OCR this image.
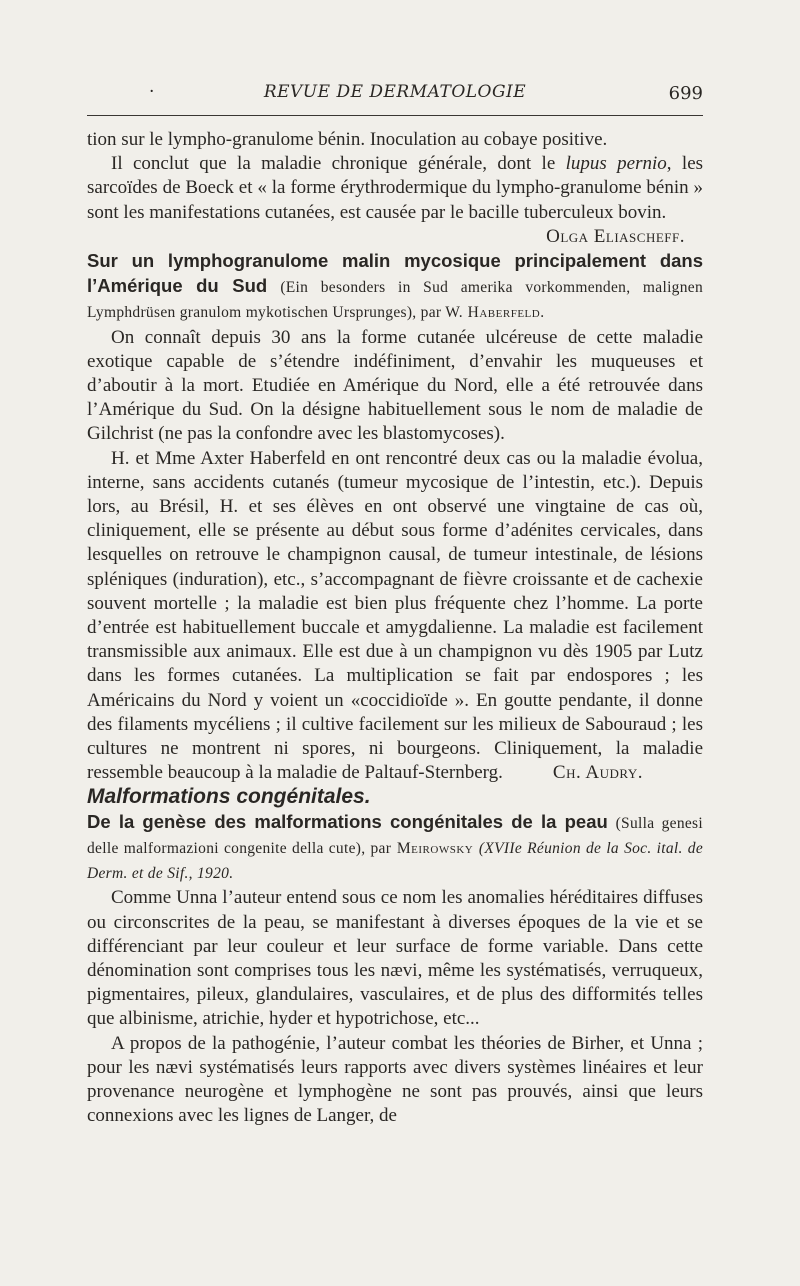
·	REVUE DE DERMATOLOGIE	699

tion sur le lympho-granulome bénin. Inoculation au cobaye positive.

Il conclut que la maladie chronique générale, dont le lupus pernio, les sarcoïdes de Boeck et « la forme érythrodermique du lympho-granulome bénin » sont les manifestations cutanées, est causée par le bacille tuberculeux bovin.

Olga Eliascheff.

Sur un lymphogranulome malin mycosique principalement dans l’Amérique du Sud (Ein besonders in Sud amerika vorkommenden, malignen Lymphdrüsen granulom mykotischen Ursprunges), par W. Haberfeld.

On connaît depuis 30 ans la forme cutanée ulcéreuse de cette maladie exotique capable de s’étendre indéfiniment, d’envahir les muqueuses et d’aboutir à la mort. Etudiée en Amérique du Nord, elle a été retrouvée dans l’Amérique du Sud. On la désigne habituellement sous le nom de maladie de Gilchrist (ne pas la confondre avec les blastomycoses).

H. et Mme Axter Haberfeld en ont rencontré deux cas ou la maladie évolua, interne, sans accidents cutanés (tumeur mycosique de l’intestin, etc.). Depuis lors, au Brésil, H. et ses élèves en ont observé une vingtaine de cas où, cliniquement, elle se présente au début sous forme d’adénites cervicales, dans lesquelles on retrouve le champignon causal, de tumeur intestinale, de lésions spléniques (induration), etc., s’accompagnant de fièvre croissante et de cachexie souvent mortelle ; la maladie est bien plus fréquente chez l’homme. La porte d’entrée est habituellement buccale et amygdalienne. La maladie est facilement transmissible aux animaux. Elle est due à un champignon vu dès 1905 par Lutz dans les formes cutanées. La multiplication se fait par endospores ; les Américains du Nord y voient un «coccidioïde ». En goutte pendante, il donne des filaments mycéliens ; il cultive facilement sur les milieux de Sabouraud ; les cultures ne montrent ni spores, ni bourgeons. Cliniquement, la maladie ressemble beaucoup à la maladie de Paltauf-Sternberg.	Ch. Audry.

Malformations congénitales.

De la genèse des malformations congénitales de la peau (Sulla genesi delle malformazioni congenite della cute), par Meirowsky (XVIIe Réunion de la Soc. ital. de Derm. et de Sif., 1920.

Comme Unna l’auteur entend sous ce nom les anomalies héréditaires diffuses ou circonscrites de la peau, se manifestant à diverses époques de la vie et se différenciant par leur couleur et leur surface de forme variable. Dans cette dénomination sont comprises tous les nævi, même les systématisés, verruqueux, pigmentaires, pileux, glandulaires, vasculaires, et de plus des difformités telles que albinisme, atrichie, hyder et hypotrichose, etc...

A propos de la pathogénie, l’auteur combat les théories de Birher, et Unna ; pour les nævi systématisés leurs rapports avec divers systèmes linéaires et leur provenance neurogène et lymphogène ne sont pas prouvés, ainsi que leurs connexions avec les lignes de Langer, de
